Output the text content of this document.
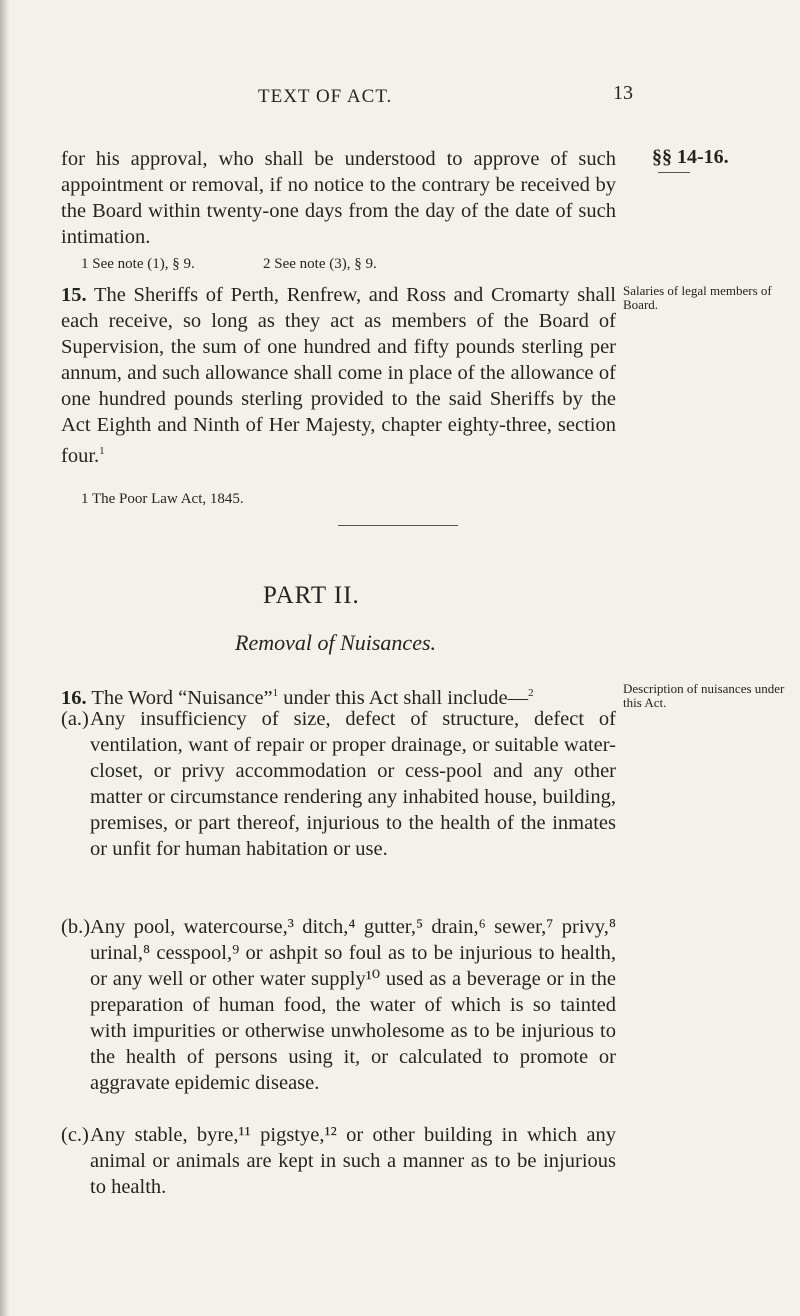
TEXT OF ACT.	13
§§ 14-16.

for his approval, who shall be understood to approve of such appointment or removal, if no notice to the contrary be received by the Board within twenty-one days from the day of the date of such intimation.

1 See note (1), § 9.	2 See note (3), § 9.

15. The Sheriffs of Perth, Renfrew, and Ross and Cromarty shall each receive, so long as they act as members of the Board of Supervision, the sum of one hundred and fifty pounds sterling per annum, and such allowance shall come in place of the allowance of one hundred pounds sterling provided to the said Sheriffs by the Act Eighth and Ninth of Her Majesty, chapter eighty-three, section four.$^1$

Salaries of legal members of Board.
1 The Poor Law Act, 1845.
PART II.
Removal of Nuisances.

16. The Word “Nuisance”$^1$ under this Act shall include—$^2$	Description of nuisances under this Act.
(a.) Any insufficiency of size, defect of structure, defect of ventilation, want of repair or proper drainage, or suitable water-closet, or privy accommodation or cess-pool and any other matter or circumstance rendering any inhabited house, building, premises, or part thereof, injurious to the health of the inmates or unfit for human habitation or use.
(b.) Any pool, watercourse,³ ditch,⁴ gutter,⁵ drain,⁶ sewer,⁷ privy,⁸ urinal,⁸ cesspool,⁹ or ashpit so foul as to be injurious to health, or any well or other water supply¹⁰ used as a beverage or in the preparation of human food, the water of which is so tainted with impurities or otherwise unwholesome as to be injurious to the health of persons using it, or calculated to promote or aggravate epidemic disease.
(c.) Any stable, byre,¹¹ pigstye,¹² or other building in which any animal or animals are kept in such a manner as to be injurious to health.
